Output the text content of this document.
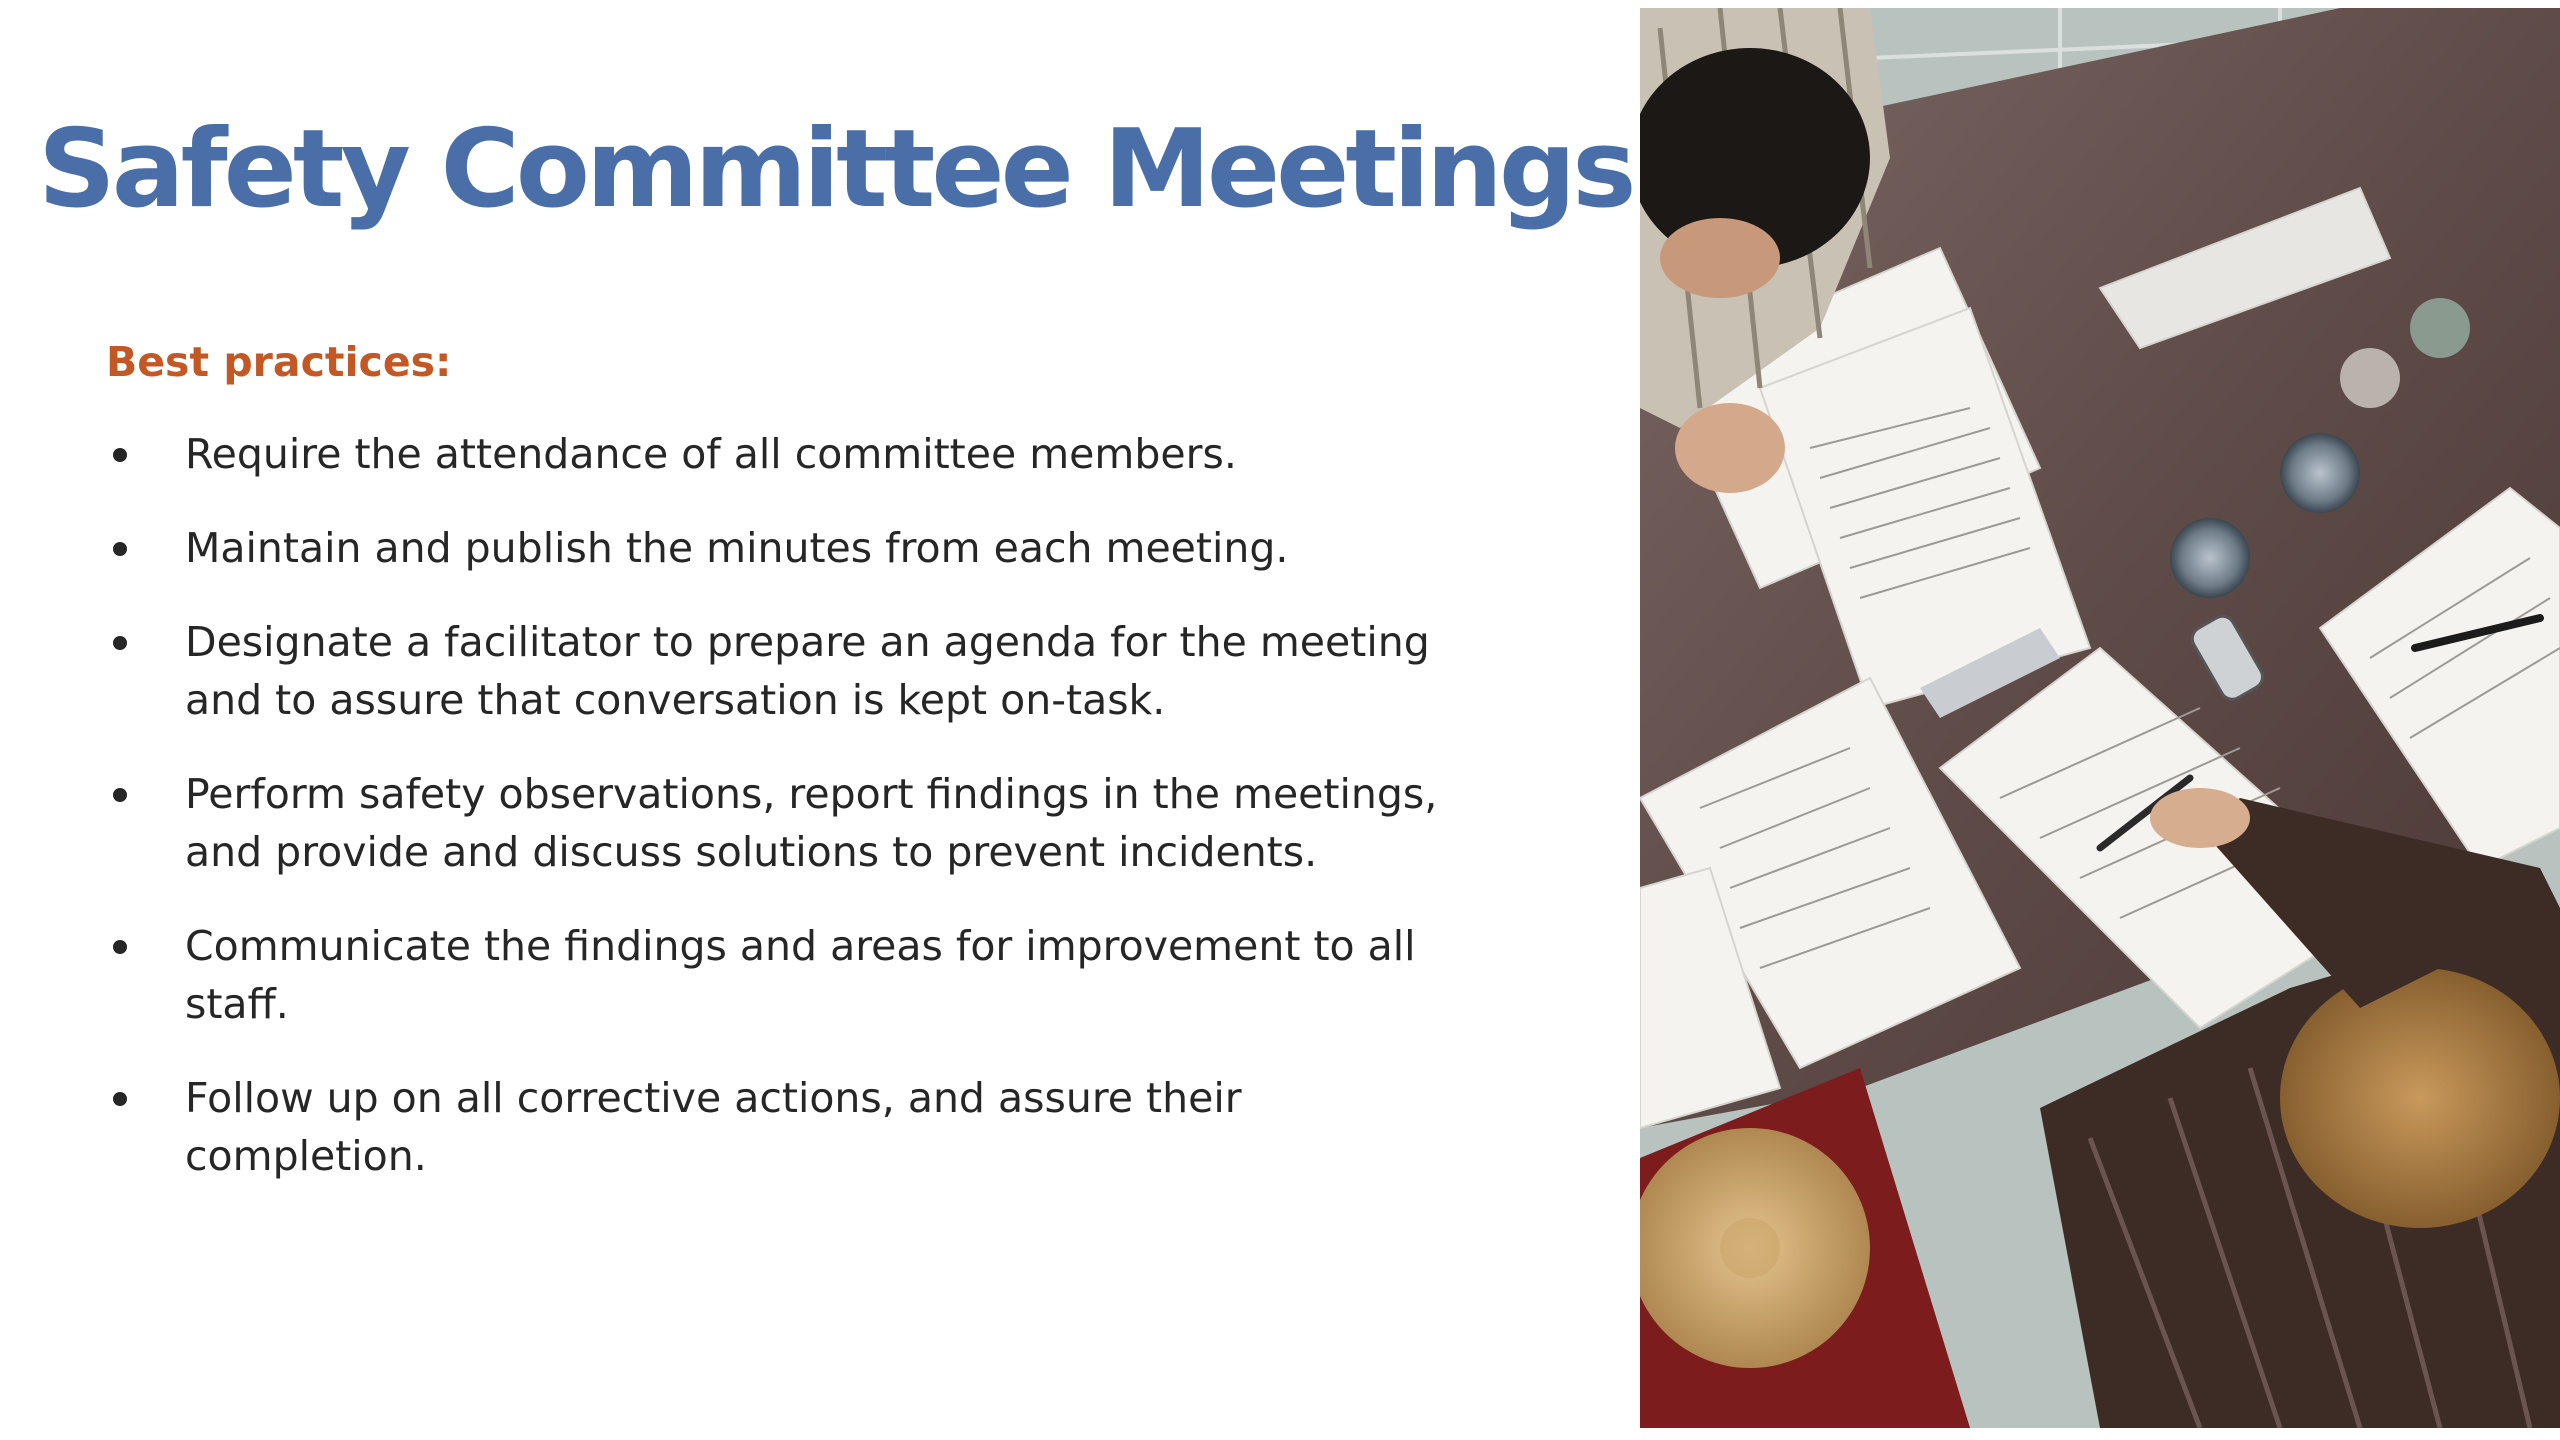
Safety Committee Meetings
Best practices:
Require the attendance of all committee members.
Maintain and publish the minutes from each meeting.
Designate a facilitator to prepare an agenda for the meeting and to assure that conversation is kept on-task.
Perform safety observations, report findings in the meetings, and provide and discuss solutions to prevent incidents.
Communicate the findings and areas for improvement to all staff.
Follow up on all corrective actions, and assure their completion.
